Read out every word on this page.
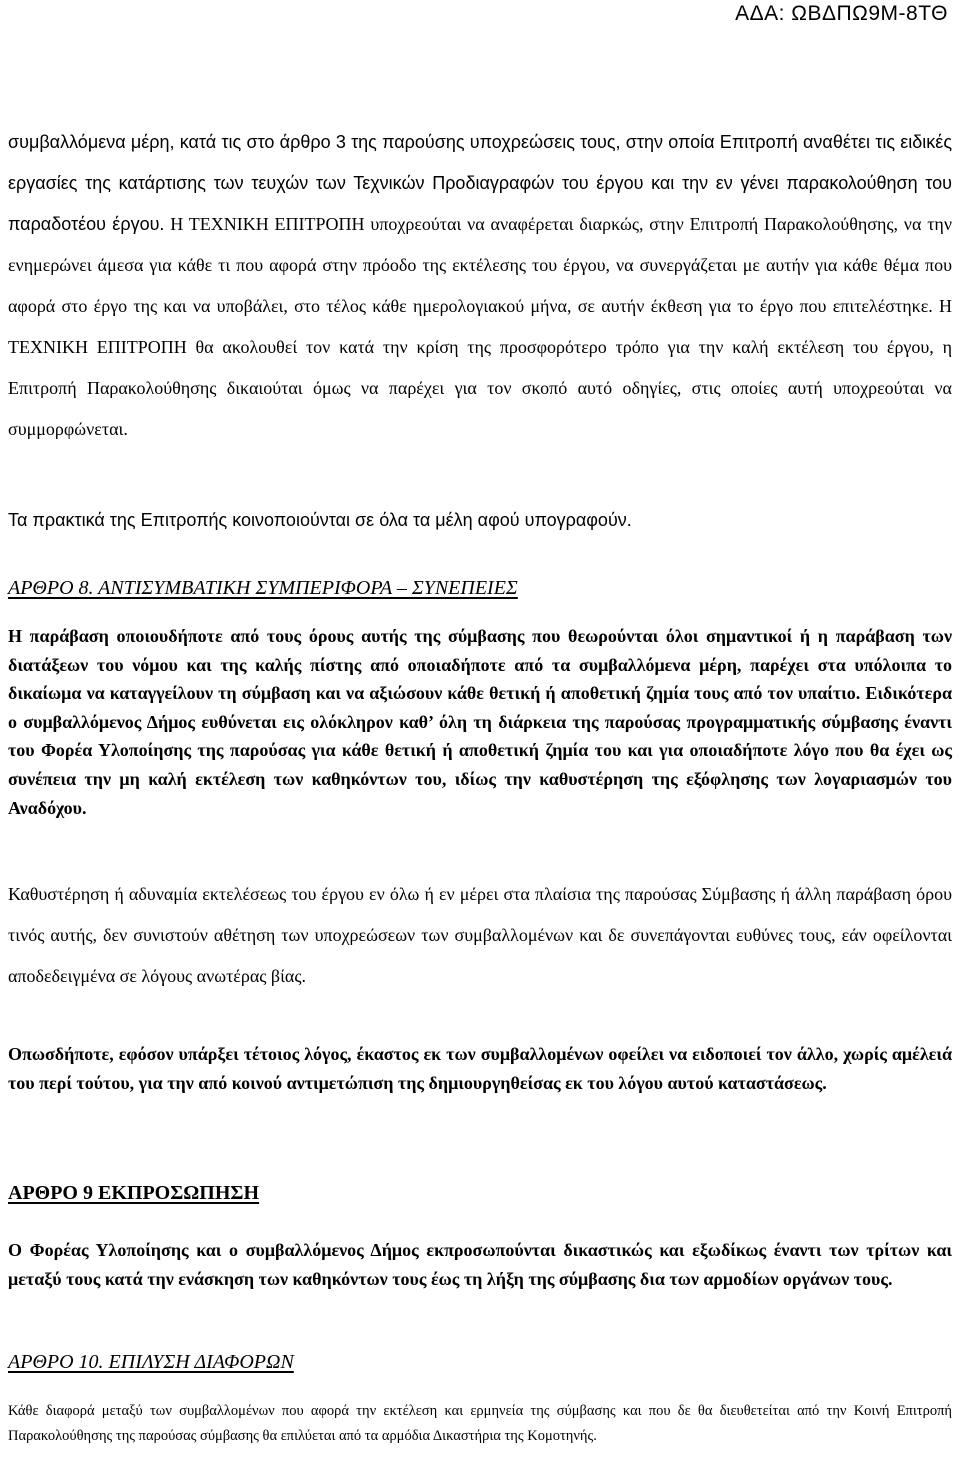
ΑΔΑ: ΩΒΔΠΩ9Μ-8ΤΘ

συμβαλλόμενα μέρη, κατά τις στο άρθρο 3 της παρούσης υποχρεώσεις τους, στην οποία Επιτροπή αναθέτει τις ειδικές εργασίες της κατάρτισης των τευχών των Τεχνικών Προδιαγραφών του έργου και την εν γένει παρακολούθηση του παραδοτέου έργου. Η ΤΕΧΝΙΚΗ ΕΠΙΤΡΟΠΗ υποχρεούται να αναφέρεται διαρκώς, στην Επιτροπή Παρακολούθησης, να την ενημερώνει άμεσα για κάθε τι που αφορά στην πρόοδο της εκτέλεσης του έργου, να συνεργάζεται με αυτήν για κάθε θέμα που αφορά στο έργο της και να υποβάλει, στο τέλος κάθε ημερολογιακού μήνα, σε αυτήν έκθεση για το έργο που επιτελέστηκε. Η ΤΕΧΝΙΚΗ ΕΠΙΤΡΟΠΗ θα ακολουθεί τον κατά την κρίση της προσφορότερο τρόπο για την καλή εκτέλεση του έργου, η Επιτροπή Παρακολούθησης δικαιούται όμως να παρέχει για τον σκοπό αυτό οδηγίες, στις οποίες αυτή υποχρεούται να συμμορφώνεται.

Τα πρακτικά της Επιτροπής κοινοποιούνται σε όλα τα μέλη αφού υπογραφούν.

ΑΡΘΡΟ 8. ΑΝΤΙΣΥΜΒΑΤΙΚΗ ΣΥΜΠΕΡΙΦΟΡΑ – ΣΥΝΕΠΕΙΕΣ

Η παράβαση οποιουδήποτε από τους όρους αυτής της σύμβασης που θεωρούνται όλοι σημαντικοί ή η παράβαση των διατάξεων του νόμου και της καλής πίστης από οποιαδήποτε από τα συμβαλλόμενα μέρη, παρέχει στα υπόλοιπα το δικαίωμα να καταγγείλουν τη σύμβαση και να αξιώσουν κάθε θετική ή αποθετική ζημία τους από τον υπαίτιο. Ειδικότερα ο συμβαλλόμενος Δήμος ευθύνεται εις ολόκληρον καθ’ όλη τη διάρκεια της παρούσας προγραμματικής σύμβασης έναντι του Φορέα Υλοποίησης της παρούσας για κάθε θετική ή αποθετική ζημία του και για οποιαδήποτε λόγο που θα έχει ως συνέπεια την μη καλή εκτέλεση των καθηκόντων του, ιδίως την καθυστέρηση της εξόφλησης των λογαριασμών του Αναδόχου.

Καθυστέρηση ή αδυναμία εκτελέσεως του έργου εν όλω ή εν μέρει στα πλαίσια της παρούσας Σύμβασης ή άλλη παράβαση όρου τινός αυτής, δεν συνιστούν αθέτηση των υποχρεώσεων των συμβαλλομένων και δε συνεπάγονται ευθύνες τους, εάν οφείλονται αποδεδειγμένα σε λόγους ανωτέρας βίας.

Οπωσδήποτε, εφόσον υπάρξει τέτοιος λόγος, έκαστος εκ των συμβαλλομένων οφείλει να ειδοποιεί τον άλλο, χωρίς αμέλειά του περί τούτου, για την από κοινού αντιμετώπιση της δημιουργηθείσας εκ του λόγου αυτού καταστάσεως.

ΑΡΘΡΟ 9 ΕΚΠΡΟΣΩΠΗΣΗ

Ο Φορέας Υλοποίησης και ο συμβαλλόμενος Δήμος εκπροσωπούνται δικαστικώς και εξωδίκως έναντι των τρίτων και μεταξύ τους κατά την ενάσκηση των καθηκόντων τους έως τη λήξη της σύμβασης δια των αρμοδίων οργάνων τους.

ΑΡΘΡΟ 10. ΕΠΙΛΥΣΗ ΔΙΑΦΟΡΩΝ

Κάθε διαφορά μεταξύ των συμβαλλομένων που αφορά την εκτέλεση και ερμηνεία της σύμβασης και που δε θα διευθετείται από την Κοινή Επιτροπή Παρακολούθησης της παρούσας σύμβασης θα επιλύεται από τα αρμόδια Δικαστήρια της Κομοτηνής.
